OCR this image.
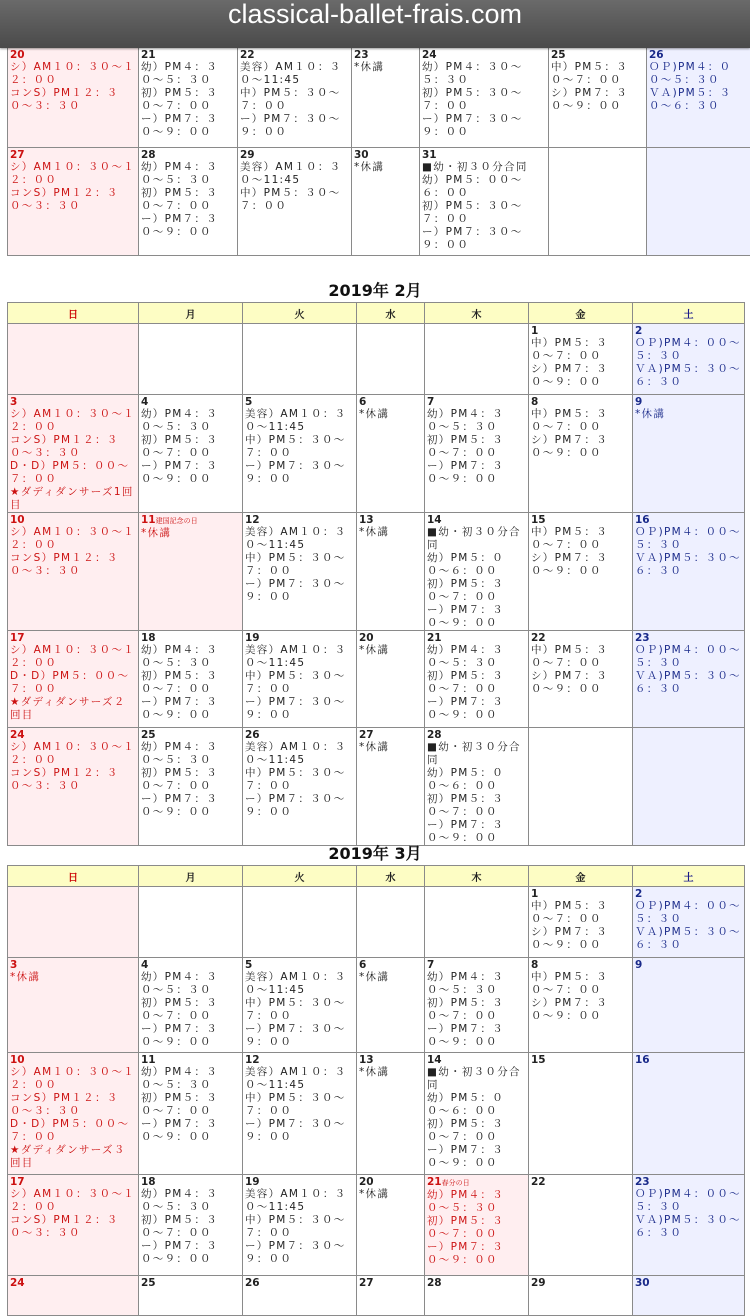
classical-ballet-frais.com
20
シ）AM１０：３０〜１２：００
コンS）PM１２：３０〜３：３０	21
幼）PM４：３０〜５：３０
初）PM５：３０〜７：００
ー）PM７：３０〜９：００	22
美容）AM１０：３０〜11:45
中）PM５：３０〜７：００
ー）PM７：３０〜９：００	23
*休講	24
幼）PM４：３０〜５：３０
初）PM５：３０〜７：００
ー）PM７：３０〜９：００	25
中）PM５：３０〜７：００
シ）PM７：３０〜９：００	26
ＯＰ)PM４：００〜５：３０
ＶＡ)PM５：３０〜６：３０

27
シ）AM１０：３０〜１２：００
コンS）PM１２：３０〜３：３０	28
幼）PM４：３０〜５：３０
初）PM５：３０〜７：００
ー）PM７：３０〜９：００	29
美容）AM１０：３０〜11:45
中）PM５：３０〜７：００	30
*休講	31
■幼・初３０分合同
幼）PM５：００〜６：００
初）PM５：３０〜７：００
ー）PM７：３０〜９：００		

2019年 2月
日	月	火	水	木	金	土

					1
中）PM５：３０〜７：００
シ）PM７：３０〜９：００	2
ＯＰ)PM４：００〜５：３０
ＶＡ)PM５：３０〜６：３０

3
シ）AM１０：３０〜１２：００
コンS）PM１２：３０〜３：３０
D・D）PM５：００〜７：００
★ダディダンサーズ1回目	4
幼）PM４：３０〜５：３０
初）PM５：３０〜７：００
ー）PM７：３０〜９：００	5
美容）AM１０：３０〜11:45
中）PM５：３０〜７：００
ー）PM７：３０〜９：００	6
*休講	7
幼）PM４：３０〜５：３０
初）PM５：３０〜７：００
ー）PM７：３０〜９：００	8
中）PM５：３０〜７：００
シ）PM７：３０〜９：００	9
*休講

10
シ）AM１０：３０〜１２：００
コンS）PM１２：３０〜３：３０	11建国記念の日
*休講	12
美容）AM１０：３０〜11:45
中）PM５：３０〜７：００
ー）PM７：３０〜９：００	13
*休講	14
■幼・初３０分合同
幼）PM５：００〜６：００
初）PM５：３０〜７：００
ー）PM７：３０〜９：００	15
中）PM５：３０〜７：００
シ）PM７：３０〜９：００	16
ＯＰ)PM４：００〜５：３０
ＶＡ)PM５：３０〜６：３０

17
シ）AM１０：３０〜１２：００
D・D）PM５：００〜７：００
★ダディダンサーズ２回目	18
幼）PM４：３０〜５：３０
初）PM５：３０〜７：００
ー）PM７：３０〜９：００	19
美容）AM１０：３０〜11:45
中）PM５：３０〜７：００
ー）PM７：３０〜９：００	20
*休講	21
幼）PM４：３０〜５：３０
初）PM５：３０〜７：００
ー）PM７：３０〜９：００	22
中）PM５：３０〜７：００
シ）PM７：３０〜９：００	23
ＯＰ)PM４：００〜５：３０
ＶＡ)PM５：３０〜６：３０

24
シ）AM１０：３０〜１２：００
コンS）PM１２：３０〜３：３０	25
幼）PM４：３０〜５：３０
初）PM５：３０〜７：００
ー）PM７：３０〜９：００	26
美容）AM１０：３０〜11:45
中）PM５：３０〜７：００
ー）PM７：３０〜９：００	27
*休講	28
■幼・初３０分合同
幼）PM５：００〜６：００
初）PM５：３０〜７：００
ー）PM７：３０〜９：００		

2019年 3月
日	月	火	水	木	金	土

					1
中）PM５：３０〜７：００
シ）PM７：３０〜９：００	2
ＯＰ)PM４：００〜５：３０
ＶＡ)PM５：３０〜６：３０

3
*休講	4
幼）PM４：３０〜５：３０
初）PM５：３０〜７：００
ー）PM７：３０〜９：００	5
美容）AM１０：３０〜11:45
中）PM５：３０〜７：００
ー）PM７：３０〜９：００	6
*休講	7
幼）PM４：３０〜５：３０
初）PM５：３０〜７：００
ー）PM７：３０〜９：００	8
中）PM５：３０〜７：００
シ）PM７：３０〜９：００	9

10
シ）AM１０：３０〜１２：００
コンS）PM１２：３０〜３：３０
D・D）PM５：００〜７：００
★ダディダンサーズ３回目	11
幼）PM４：３０〜５：３０
初）PM５：３０〜７：００
ー）PM７：３０〜９：００	12
美容）AM１０：３０〜11:45
中）PM５：３０〜７：００
ー）PM７：３０〜９：００	13
*休講	14
■幼・初３０分合同
幼）PM５：００〜６：００
初）PM５：３０〜７：００
ー）PM７：３０〜９：００	15	16

17
シ）AM１０：３０〜１２：００
コンS）PM１２：３０〜３：３０	18
幼）PM４：３０〜５：３０
初）PM５：３０〜７：００
ー）PM７：３０〜９：００	19
美容）AM１０：３０〜11:45
中）PM５：３０〜７：００
ー）PM７：３０〜９：００	20
*休講	21春分の日
幼）PM４：３０〜５：３０
初）PM５：３０〜７：００
ー）PM７：３０〜９：００	22	23
ＯＰ)PM４：００〜５：３０
ＶＡ)PM５：３０〜６：３０

24	25	26	27	28	29	30
